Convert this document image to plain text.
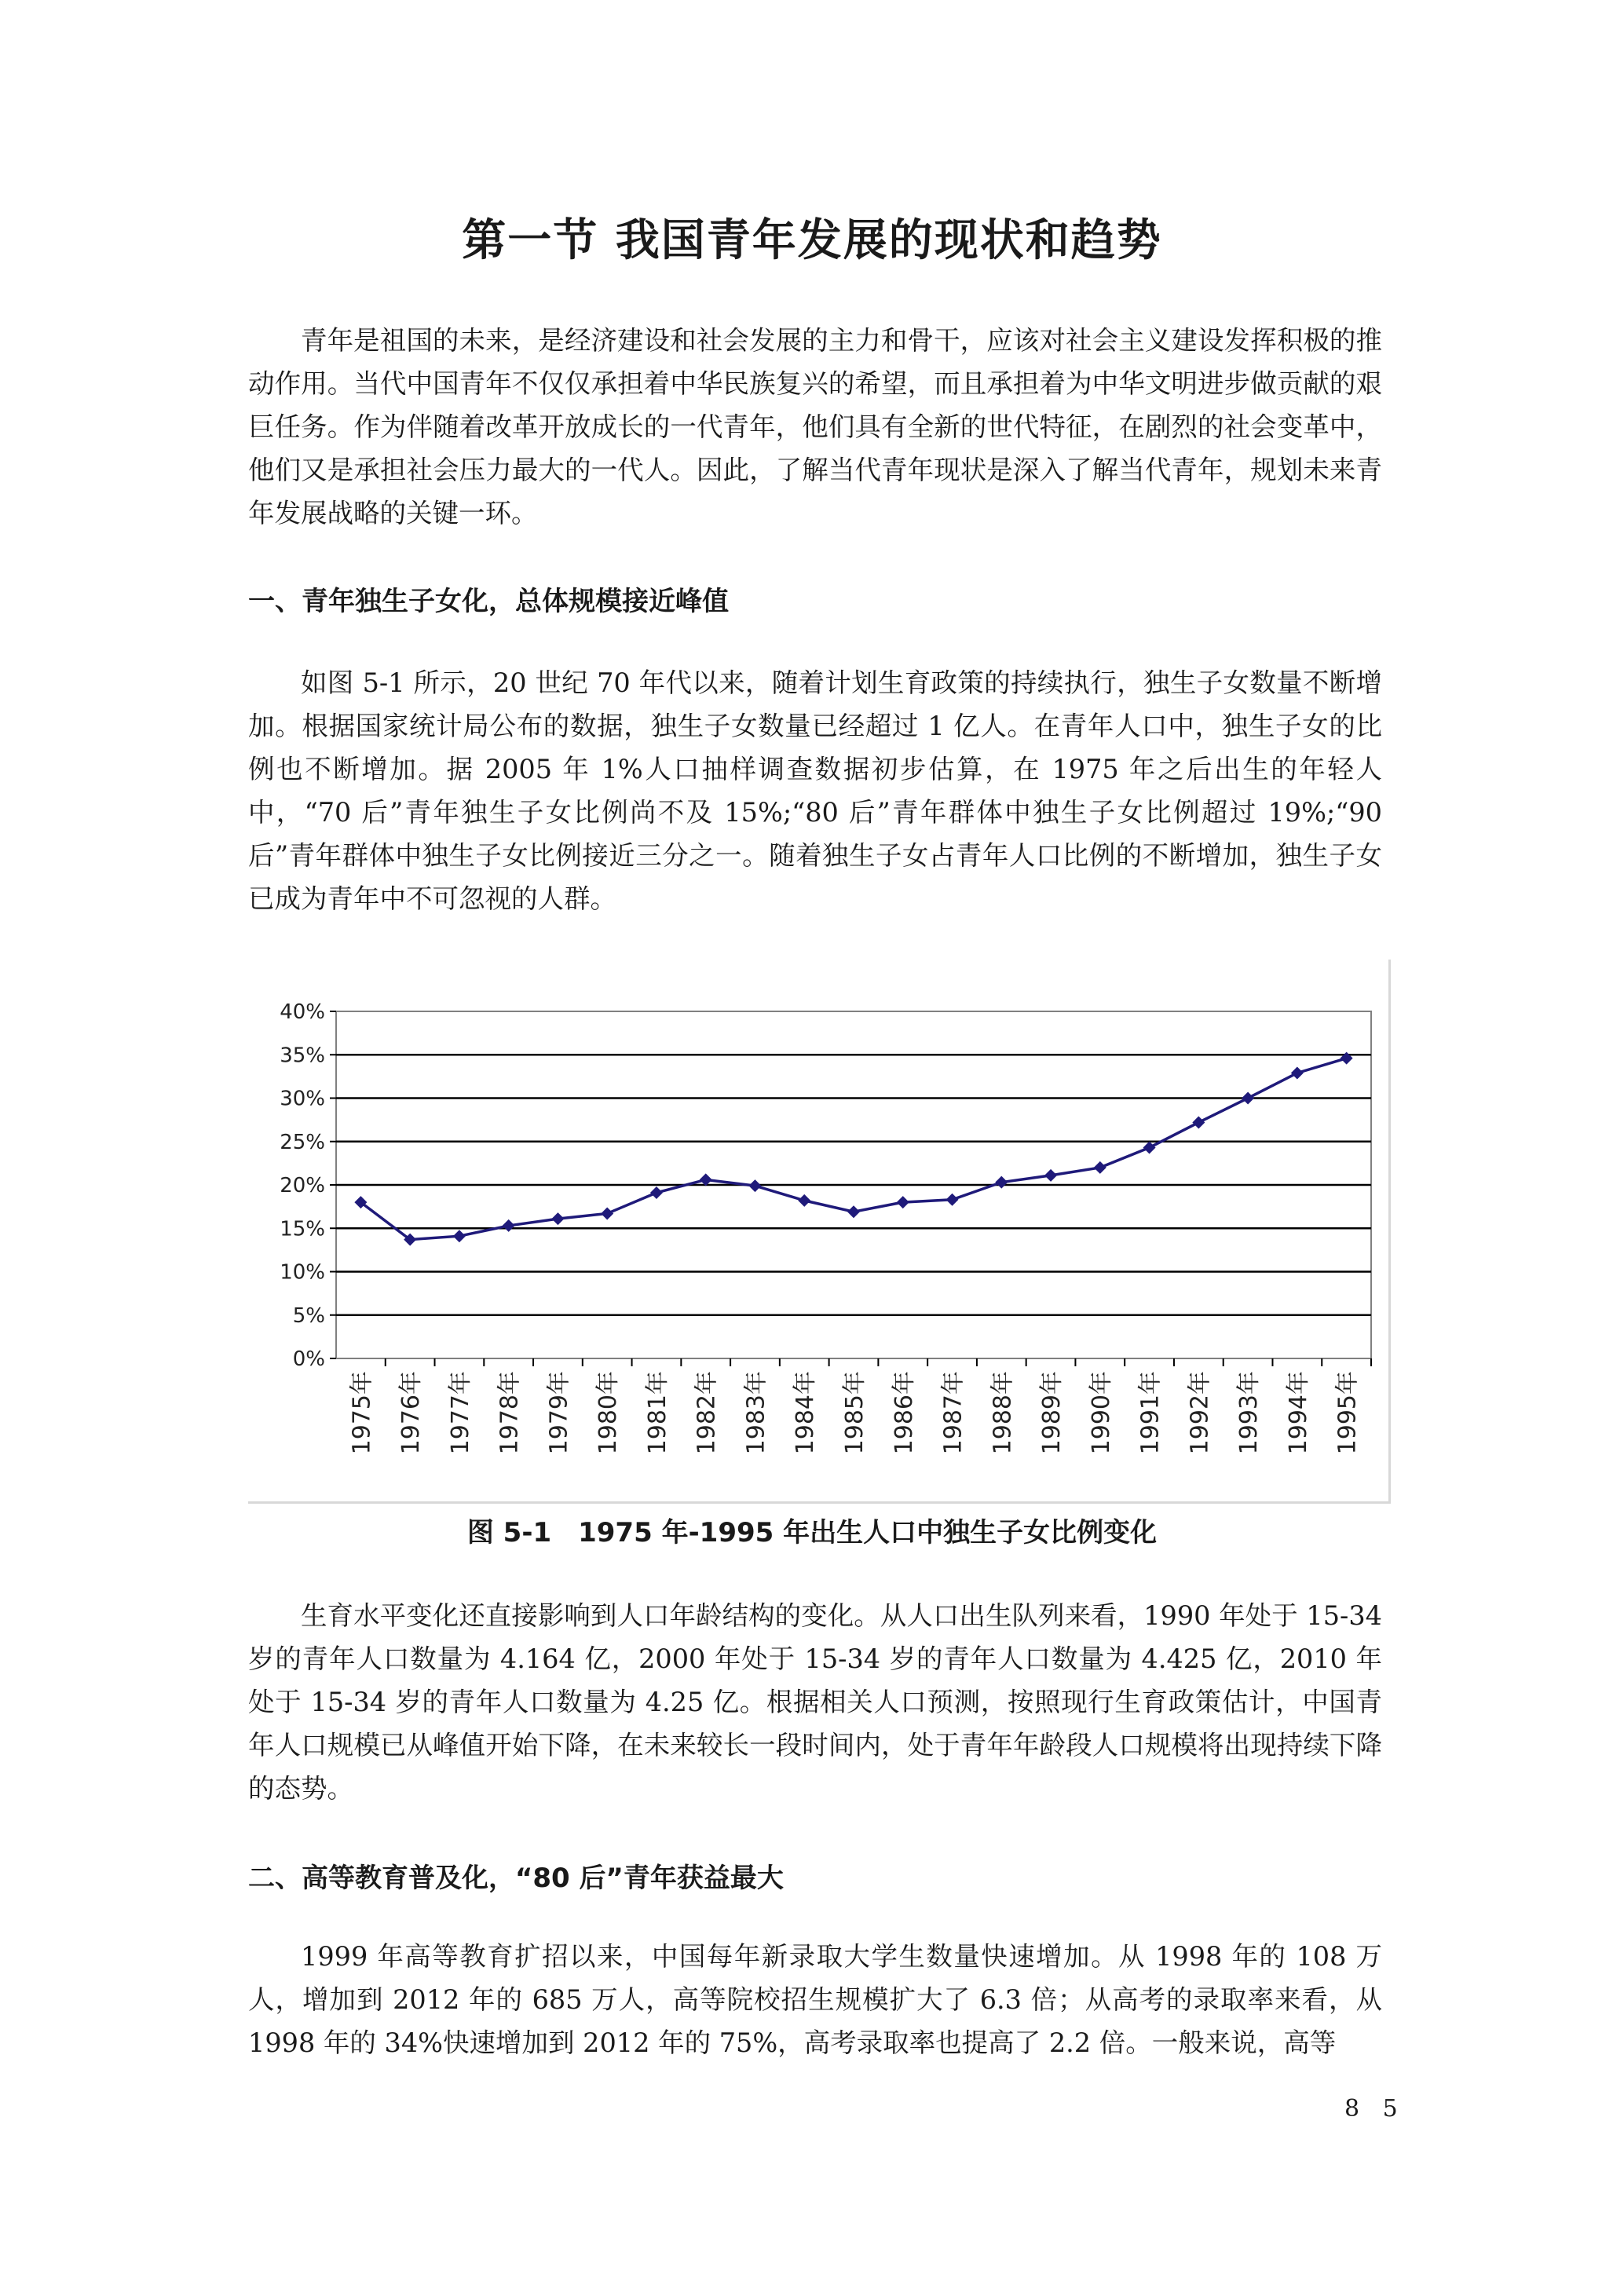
第一节 我国青年发展的现状和趋势

青年是祖国的未来，是经济建设和社会发展的主力和骨干，应该对社会主义建设发挥积极的推动作用。当代中国青年不仅仅承担着中华民族复兴的希望，而且承担着为中华文明进步做贡献的艰巨任务。作为伴随着改革开放成长的一代青年，他们具有全新的世代特征，在剧烈的社会变革中，他们又是承担社会压力最大的一代人。因此，了解当代青年现状是深入了解当代青年，规划未来青年发展战略的关键一环。

一、青年独生子女化，总体规模接近峰值

如图 5-1 所示，20 世纪 70 年代以来，随着计划生育政策的持续执行，独生子女数量不断增加。根据国家统计局公布的数据，独生子女数量已经超过 1 亿人。在青年人口中，独生子女的比例也不断增加。据 2005 年 1%人口抽样调查数据初步估算，在 1975 年之后出生的年轻人中，“70 后”青年独生子女比例尚不及 15%;“80 后”青年群体中独生子女比例超过 19%;“90 后”青年群体中独生子女比例接近三分之一。随着独生子女占青年人口比例的不断增加，独生子女已成为青年中不可忽视的人群。

0%
5%
10%
15%
20%
25%
30%
35%
40%
1975年 1976年 1977年 1978年 1979年 1980年 1981年 1982年 1983年 1984年 1985年 1986年 1987年 1988年 1989年 1990年 1991年 1992年 1993年 1994年 1995年

图 5-1　1975 年-1995 年出生人口中独生子女比例变化

生育水平变化还直接影响到人口年龄结构的变化。从人口出生队列来看，1990 年处于 15-34 岁的青年人口数量为 4.164 亿，2000 年处于 15-34 岁的青年人口数量为 4.425 亿，2010 年处于 15-34 岁的青年人口数量为 4.25 亿。根据相关人口预测，按照现行生育政策估计，中国青年人口规模已从峰值开始下降，在未来较长一段时间内，处于青年年龄段人口规模将出现持续下降的态势。

二、高等教育普及化，“80 后”青年获益最大

1999 年高等教育扩招以来，中国每年新录取大学生数量快速增加。从 1998 年的 108 万人，增加到 2012 年的 685 万人，高等院校招生规模扩大了 6.3 倍；从高考的录取率来看，从 1998 年的 34%快速增加到 2012 年的 75%，高考录取率也提高了 2.2 倍。一般来说，高等

8 5
